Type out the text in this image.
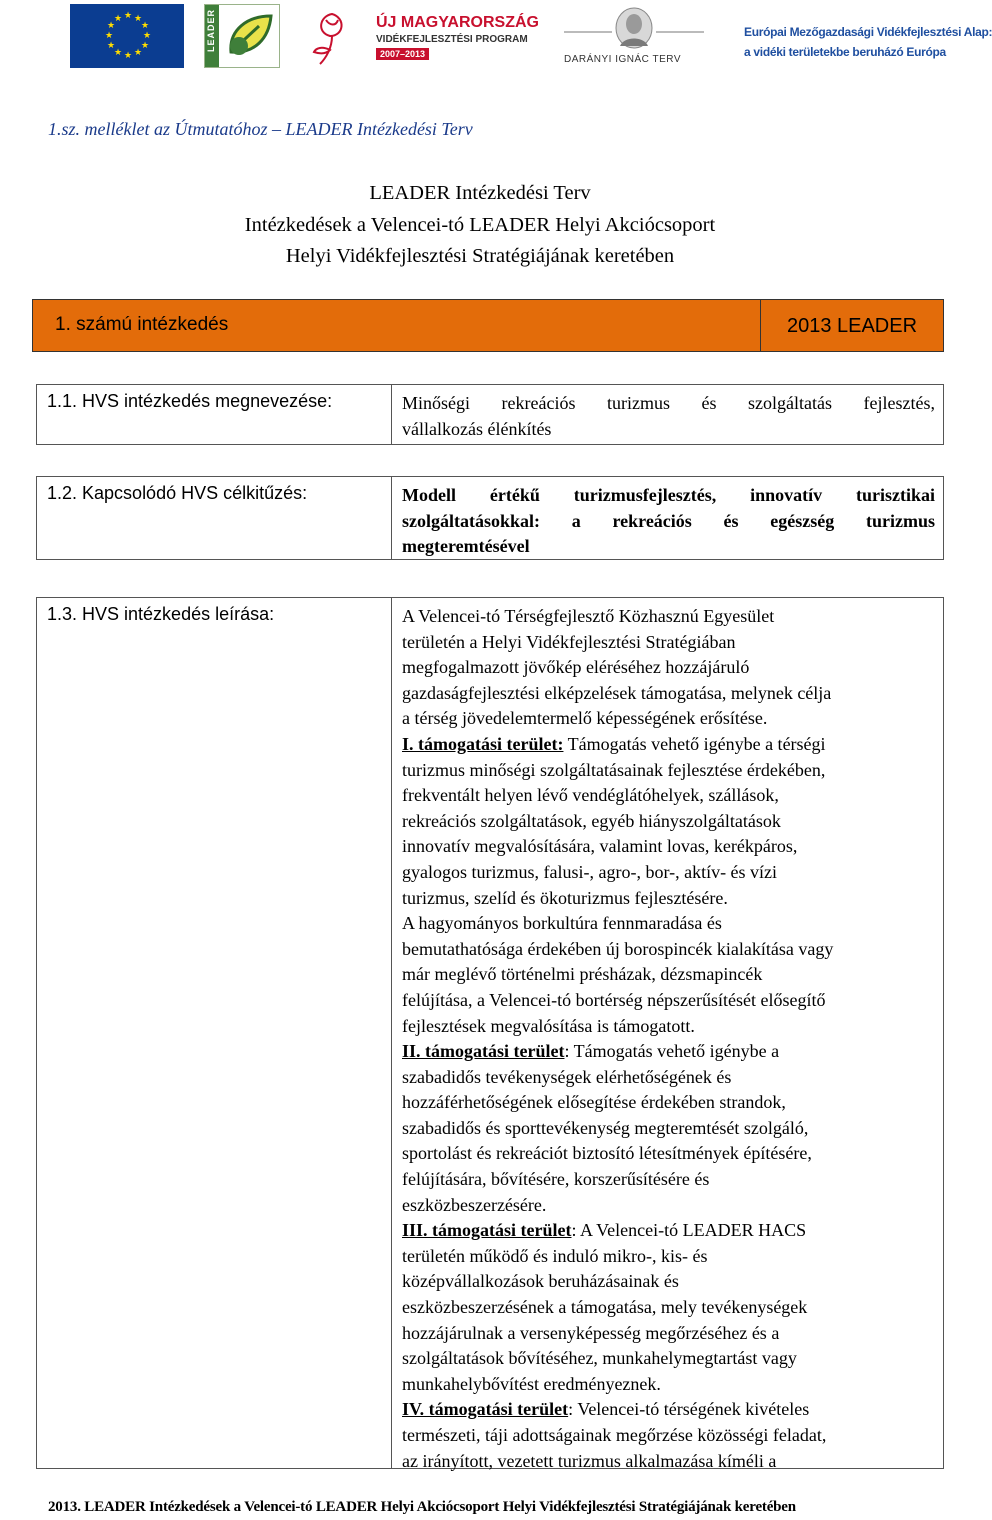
★ ★
★
★
★
★
★
★
★
★
★
★	LEADER	ÚJ MAGYARORSZÁG
VIDÉKFEJLESZTÉSI PROGRAM
2007–2013	DARÁNYI IGNÁC TERV
Európai Mezőgazdasági Vidékfejlesztési Alap:
a vidéki területekbe beruházó Európa
1.sz. melléklet az Útmutatóhoz – LEADER Intézkedési Terv
LEADER Intézkedési Terv
Intézkedések a Velencei-tó LEADER Helyi Akciócsoport
Helyi Vidékfejlesztési Stratégiájának keretében
1. számú intézkedés	2013 LEADER
1.1. HVS intézkedés megnevezése:	Minőségi rekreációs turizmus és szolgáltatás fejlesztés,
vállalkozás élénkítés
1.2. Kapcsolódó HVS célkitűzés:	Modell értékű turizmusfejlesztés, innovatív turisztikai
szolgáltatásokkal: a rekreációs és egészség turizmus
megteremtésével
1.3. HVS intézkedés leírása:	A Velencei-tó Térségfejlesztő Közhasznú Egyesület
területén a Helyi Vidékfejlesztési Stratégiában
megfogalmazott jövőkép eléréséhez hozzájáruló
gazdaságfejlesztési elképzelések támogatása, melynek célja
a térség jövedelemtermelő képességének erősítése.
I. támogatási terület: Támogatás vehető igénybe a térségi
turizmus minőségi szolgáltatásainak fejlesztése érdekében,
frekventált helyen lévő vendéglátóhelyek, szállások,
rekreációs szolgáltatások, egyéb hiányszolgáltatások
innovatív megvalósítására, valamint lovas, kerékpáros,
gyalogos turizmus, falusi-, agro-, bor-, aktív- és vízi
turizmus, szelíd és ökoturizmus fejlesztésére.
A hagyományos borkultúra fennmaradása és
bemutathatósága érdekében új borospincék kialakítása vagy
már meglévő történelmi présházak, dézsmapincék
felújítása, a Velencei-tó bortérség népszerűsítését elősegítő
fejlesztések megvalósítása is támogatott.
II. támogatási terület: Támogatás vehető igénybe a
szabadidős tevékenységek elérhetőségének és
hozzáférhetőségének elősegítése érdekében strandok,
szabadidős és sporttevékenység megteremtését szolgáló,
sportolást és rekreációt biztosító létesítmények építésére,
felújítására, bővítésére, korszerűsítésére és
eszközbeszerzésére.
III. támogatási terület: A Velencei-tó LEADER HACS
területén működő és induló mikro-, kis- és
középvállalkozások beruházásainak és
eszközbeszerzésének a támogatása, mely tevékenységek
hozzájárulnak a versenyképesség megőrzéséhez és a
szolgáltatások bővítéséhez, munkahelymegtartást vagy
munkahelybővítést eredményeznek.
IV. támogatási terület: Velencei-tó térségének kivételes
természeti, táji adottságainak megőrzése közösségi feladat,
az irányított, vezetett turizmus alkalmazása kíméli a
2013. LEADER Intézkedések a Velencei-tó LEADER Helyi Akciócsoport Helyi Vidékfejlesztési Stratégiájának keretében
